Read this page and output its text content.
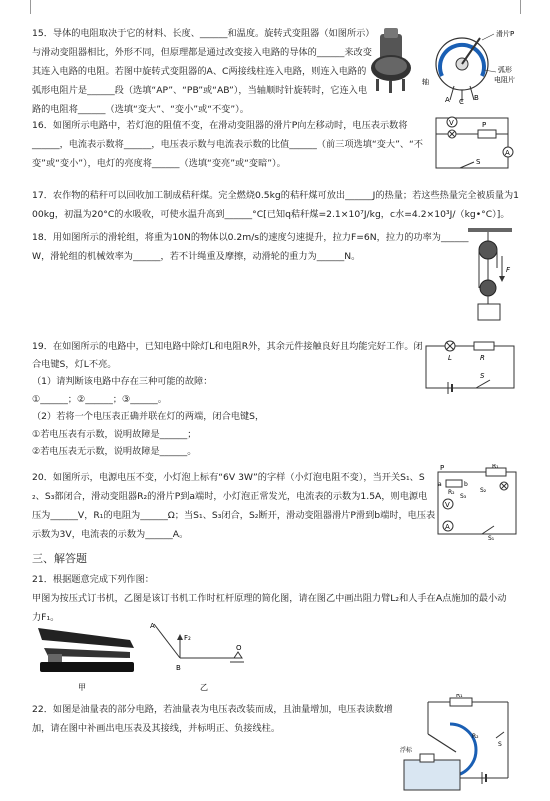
15．导体的电阻取决于它的材料、长度、______和温度。旋转式变阻器（如图所示）
与滑动变阻器相比，外形不同，但原理都是通过改变接入电路的导体的______来改变
其连入电路的电阻。若图中旋转式变阻器的A、C两接线柱连入电路，则连入电路的
弧形电阻片是______段（选填“AP”、“PB”或“AB”），当轴顺时针旋转时，它连入电
路的电阻将______（选填“变大”、“变小”或“不变”）。
滑片P
弧形
电阻片
轴
A C B
16．如图所示电路中，若灯泡的阻值不变，在滑动变阻器的滑片P向左移动时，电压表示数将
______，电流表示数将______，电压表示数与电流表示数的比值______（前三项选填“变大”、“不
变”或“变小”），电灯的亮度将______（选填“变亮”或“变暗”）。
V	P
S
A
17．农作物的秸秆可以回收加工制成秸秆煤。完全燃烧0.5kg的秸秆煤可放出______J的热量；若这些热量完全被质量为1
00kg，初温为20°C的水吸收，可使水温升高到______°C[已知q秸秆煤=2.1×10⁷J/kg，c水=4.2×10³J/（kg•°C）]。
18．用如图所示的滑轮组，将重为10N的物体以0.2m/s的速度匀速提升，拉力F=6N，拉力的功率为______
W，滑轮组的机械效率为______，若不计绳重及摩擦，动滑轮的重力为______N。
F
19．在如图所示的电路中，已知电路中除灯L和电阻R外，其余元件接触良好且均能完好工作。闭
合电键S，灯L不亮。
（1）请判断该电路中存在三种可能的故障：
①______；②______；③______。
（2）若将一个电压表正确并联在灯的两端，闭合电键S，
①若电压表有示数，说明故障是______；
②若电压表无示数，说明故障是______。
L	R
S
20．如图所示，电源电压不变，小灯泡上标有“6V 3W”的字样（小灯泡电阻不变），当开关S₁、S
₂、S₃都闭合，滑动变阻器R₂的滑片P到a端时，小灯泡正常发光，电流表的示数为1.5A，则电源电
压为______V，R₁的电阻为______Ω；当S₁、S₃闭合，S₂断开，滑动变阻器滑片P滑到b端时，电压表
示数为3V，电流表的示数为______A。
P	R₁
a
R₂
b
S₃
S₂
V
A
S₁
三、解答题
21．根据题意完成下列作图：
甲图为按压式订书机，乙图是该订书机工作时杠杆原理的简化图，请在图乙中画出阻力臂L₂和人手在A点施加的最小动
力F₁。
甲
A
F₂
B
O
乙
22．如图是油量表的部分电路，若油量表为电压表改装而成，且油量增加，电压表读数增
加，请在图中补画出电压表及其接线，并标明正、负接线柱。
R₁
R₂
S
浮标
